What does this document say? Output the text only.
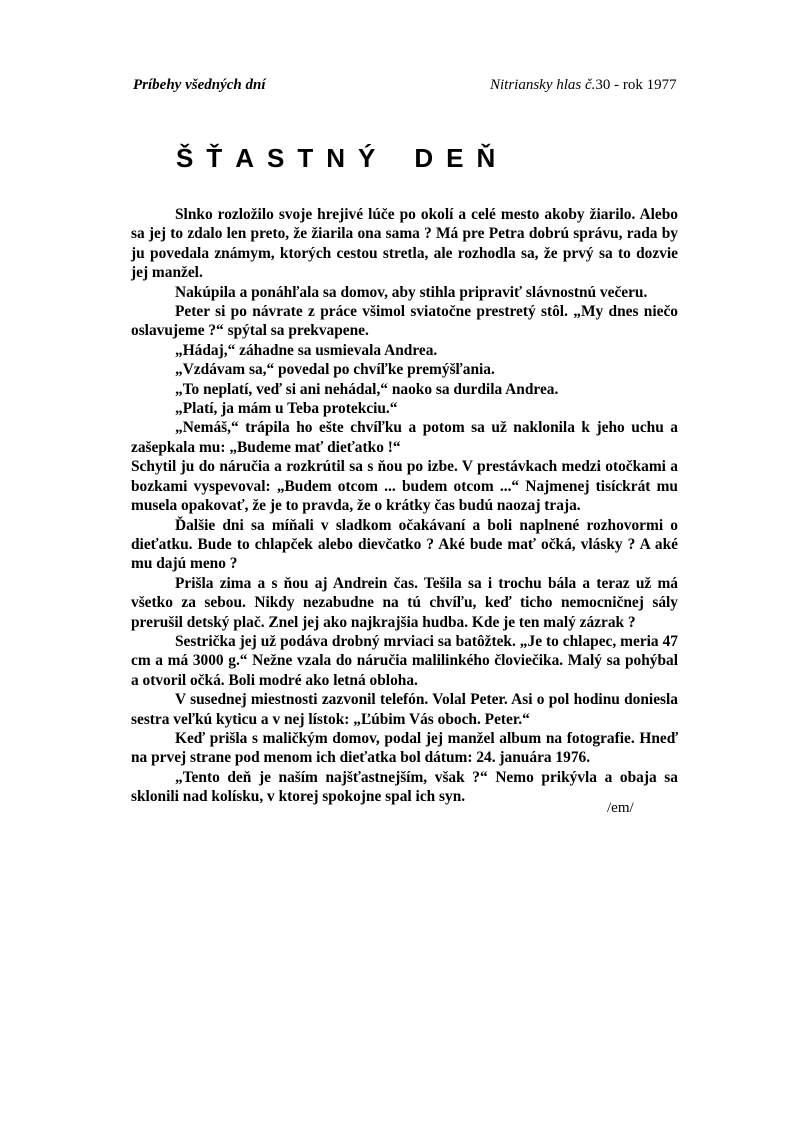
Príbehy všedných dní	Nitriansky hlas č.30 - rok 1977
ŠŤASTNÝ DEŇ

Slnko rozložilo svoje hrejivé lúče po okolí a celé mesto akoby žiarilo. Alebo sa jej to zdalo len preto, že žiarila ona sama ? Má pre Petra dobrú správu, rada by ju povedala známym, ktorých cestou stretla, ale rozhodla sa, že prvý sa to dozvie jej manžel.

Nakúpila a ponáhľala sa domov, aby stihla pripraviť slávnostnú večeru.

Peter si po návrate z práce všimol sviatočne prestretý stôl. „My dnes niečo oslavujeme ?“ spýtal sa prekvapene.

„Hádaj,“ záhadne sa usmievala Andrea.

„Vzdávam sa,“ povedal po chvíľke premýšľania.

„To neplatí, veď si ani nehádal,“ naoko sa durdila Andrea.

„Platí, ja mám u Teba protekciu.“

„Nemáš,“ trápila ho ešte chvíľku a potom sa už naklonila k jeho uchu a zašepkala mu: „Budeme mať dieťatko !“

Schytil ju do náručia a rozkrútil sa s ňou po izbe. V prestávkach medzi otočkami a bozkami vyspevoval: „Budem otcom ... budem otcom ...“ Najmenej tisíckrát mu musela opakovať, že je to pravda, že o krátky čas budú naozaj traja.

Ďalšie dni sa míňali v sladkom očakávaní a boli naplnené rozhovormi o dieťatku. Bude to chlapček alebo dievčatko ? Aké bude mať očká, vlásky ? A aké mu dajú meno ?

Prišla zima a s ňou aj Andrein čas. Tešila sa i trochu bála a teraz už má všetko za sebou. Nikdy nezabudne na tú chvíľu, keď ticho nemocničnej sály prerušil detský plač. Znel jej ako najkrajšia hudba. Kde je ten malý zázrak ?

Sestrička jej už podáva drobný mrviaci sa batôžtek. „Je to chlapec, meria 47 cm a má 3000 g.“ Nežne vzala do náručia malilinkého človiečika. Malý sa pohýbal a otvoril očká. Boli modré ako letná obloha.

V susednej miestnosti zazvonil telefón. Volal Peter. Asi o pol hodinu doniesla sestra veľkú kyticu a v nej lístok: „Ľúbim Vás oboch. Peter.“

Keď prišla s maličkým domov, podal jej manžel album na fotografie. Hneď na prvej strane pod menom ich dieťatka bol dátum: 24. januára 1976.

„Tento deň je naším najšťastnejším, však ?“ Nemo prikývla a obaja sa sklonili nad kolísku, v ktorej spokojne spal ich syn.

/em/
